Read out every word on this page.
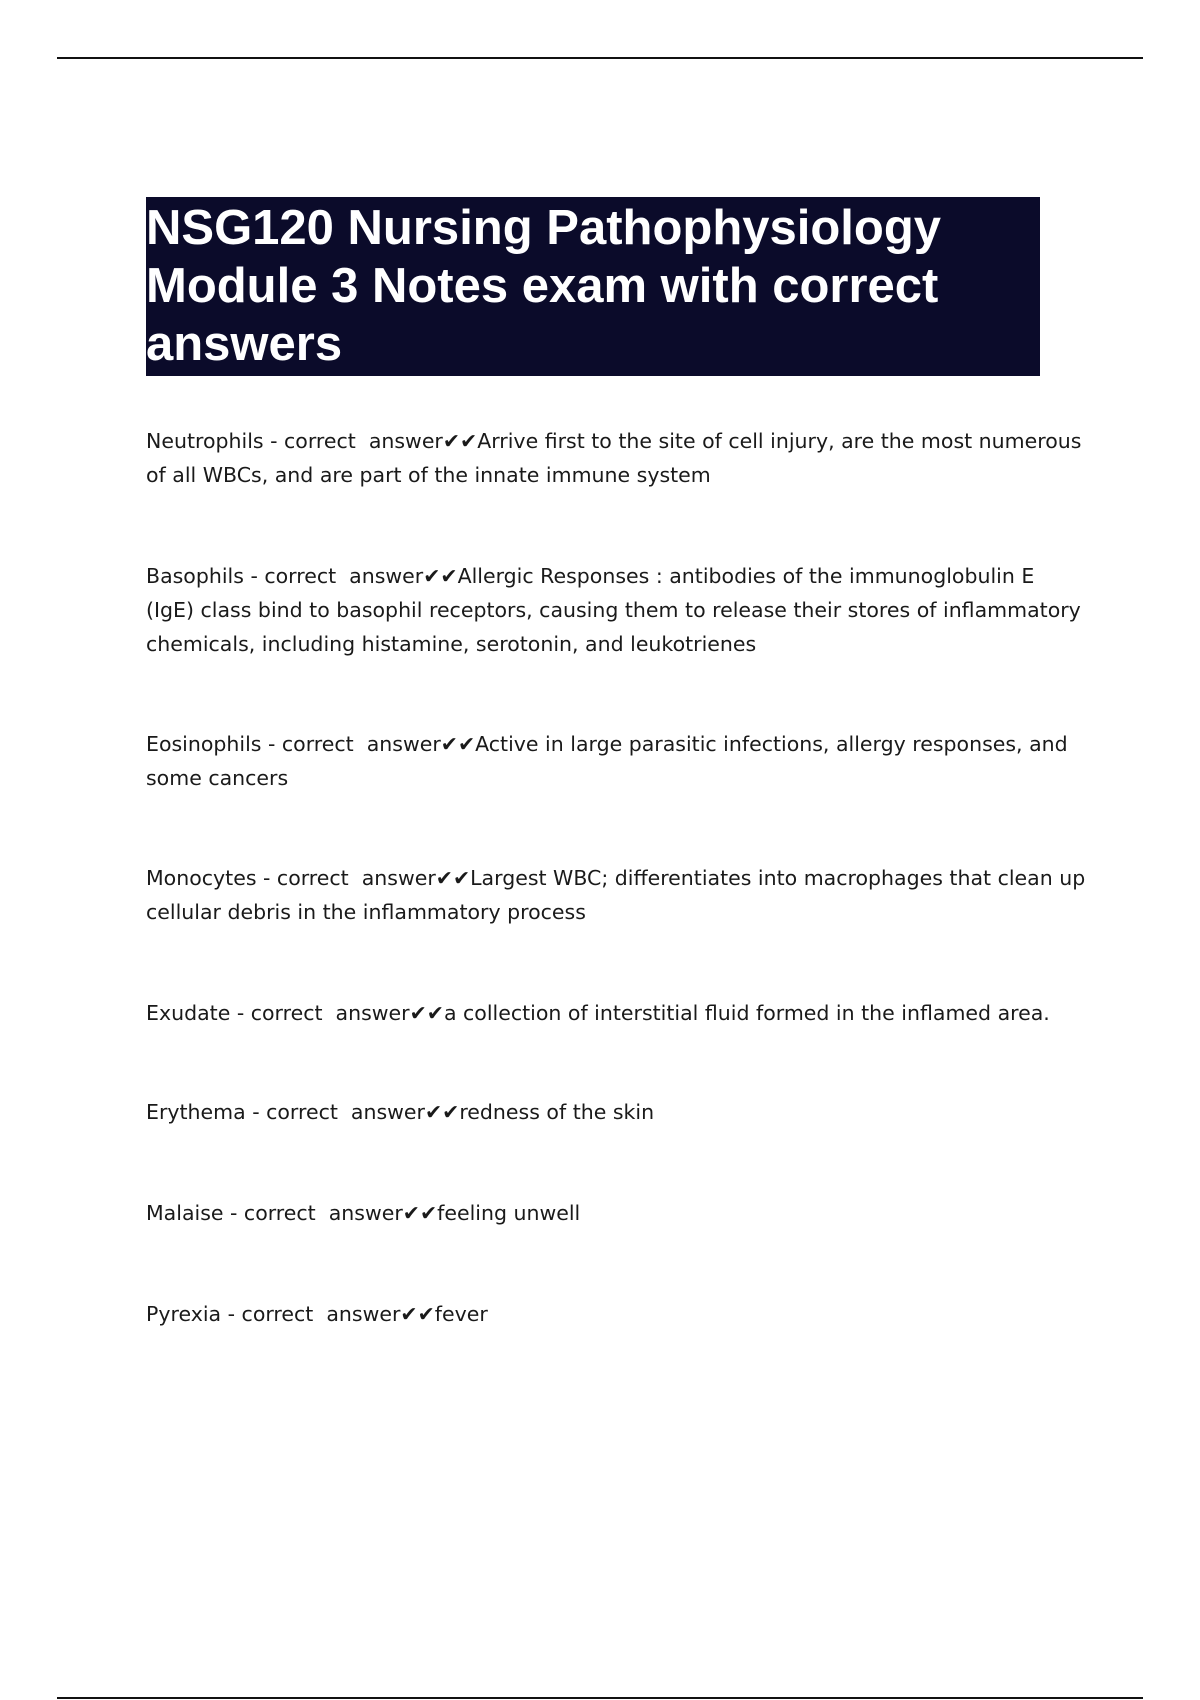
NSG120 Nursing Pathophysiology Module 3 Notes exam with correct answers

Neutrophils - correct  answer✔✔Arrive first to the site of cell injury, are the most numerous of all WBCs, and are part of the innate immune system

Basophils - correct  answer✔✔Allergic Responses : antibodies of the immunoglobulin E (IgE) class bind to basophil receptors, causing them to release their stores of inflammatory chemicals, including histamine, serotonin, and leukotrienes

Eosinophils - correct  answer✔✔Active in large parasitic infections, allergy responses, and some cancers

Monocytes - correct  answer✔✔Largest WBC; differentiates into macrophages that clean up cellular debris in the inflammatory process

Exudate - correct  answer✔✔a collection of interstitial fluid formed in the inflamed area.

Erythema - correct  answer✔✔redness of the skin

Malaise - correct  answer✔✔feeling unwell

Pyrexia - correct  answer✔✔fever
